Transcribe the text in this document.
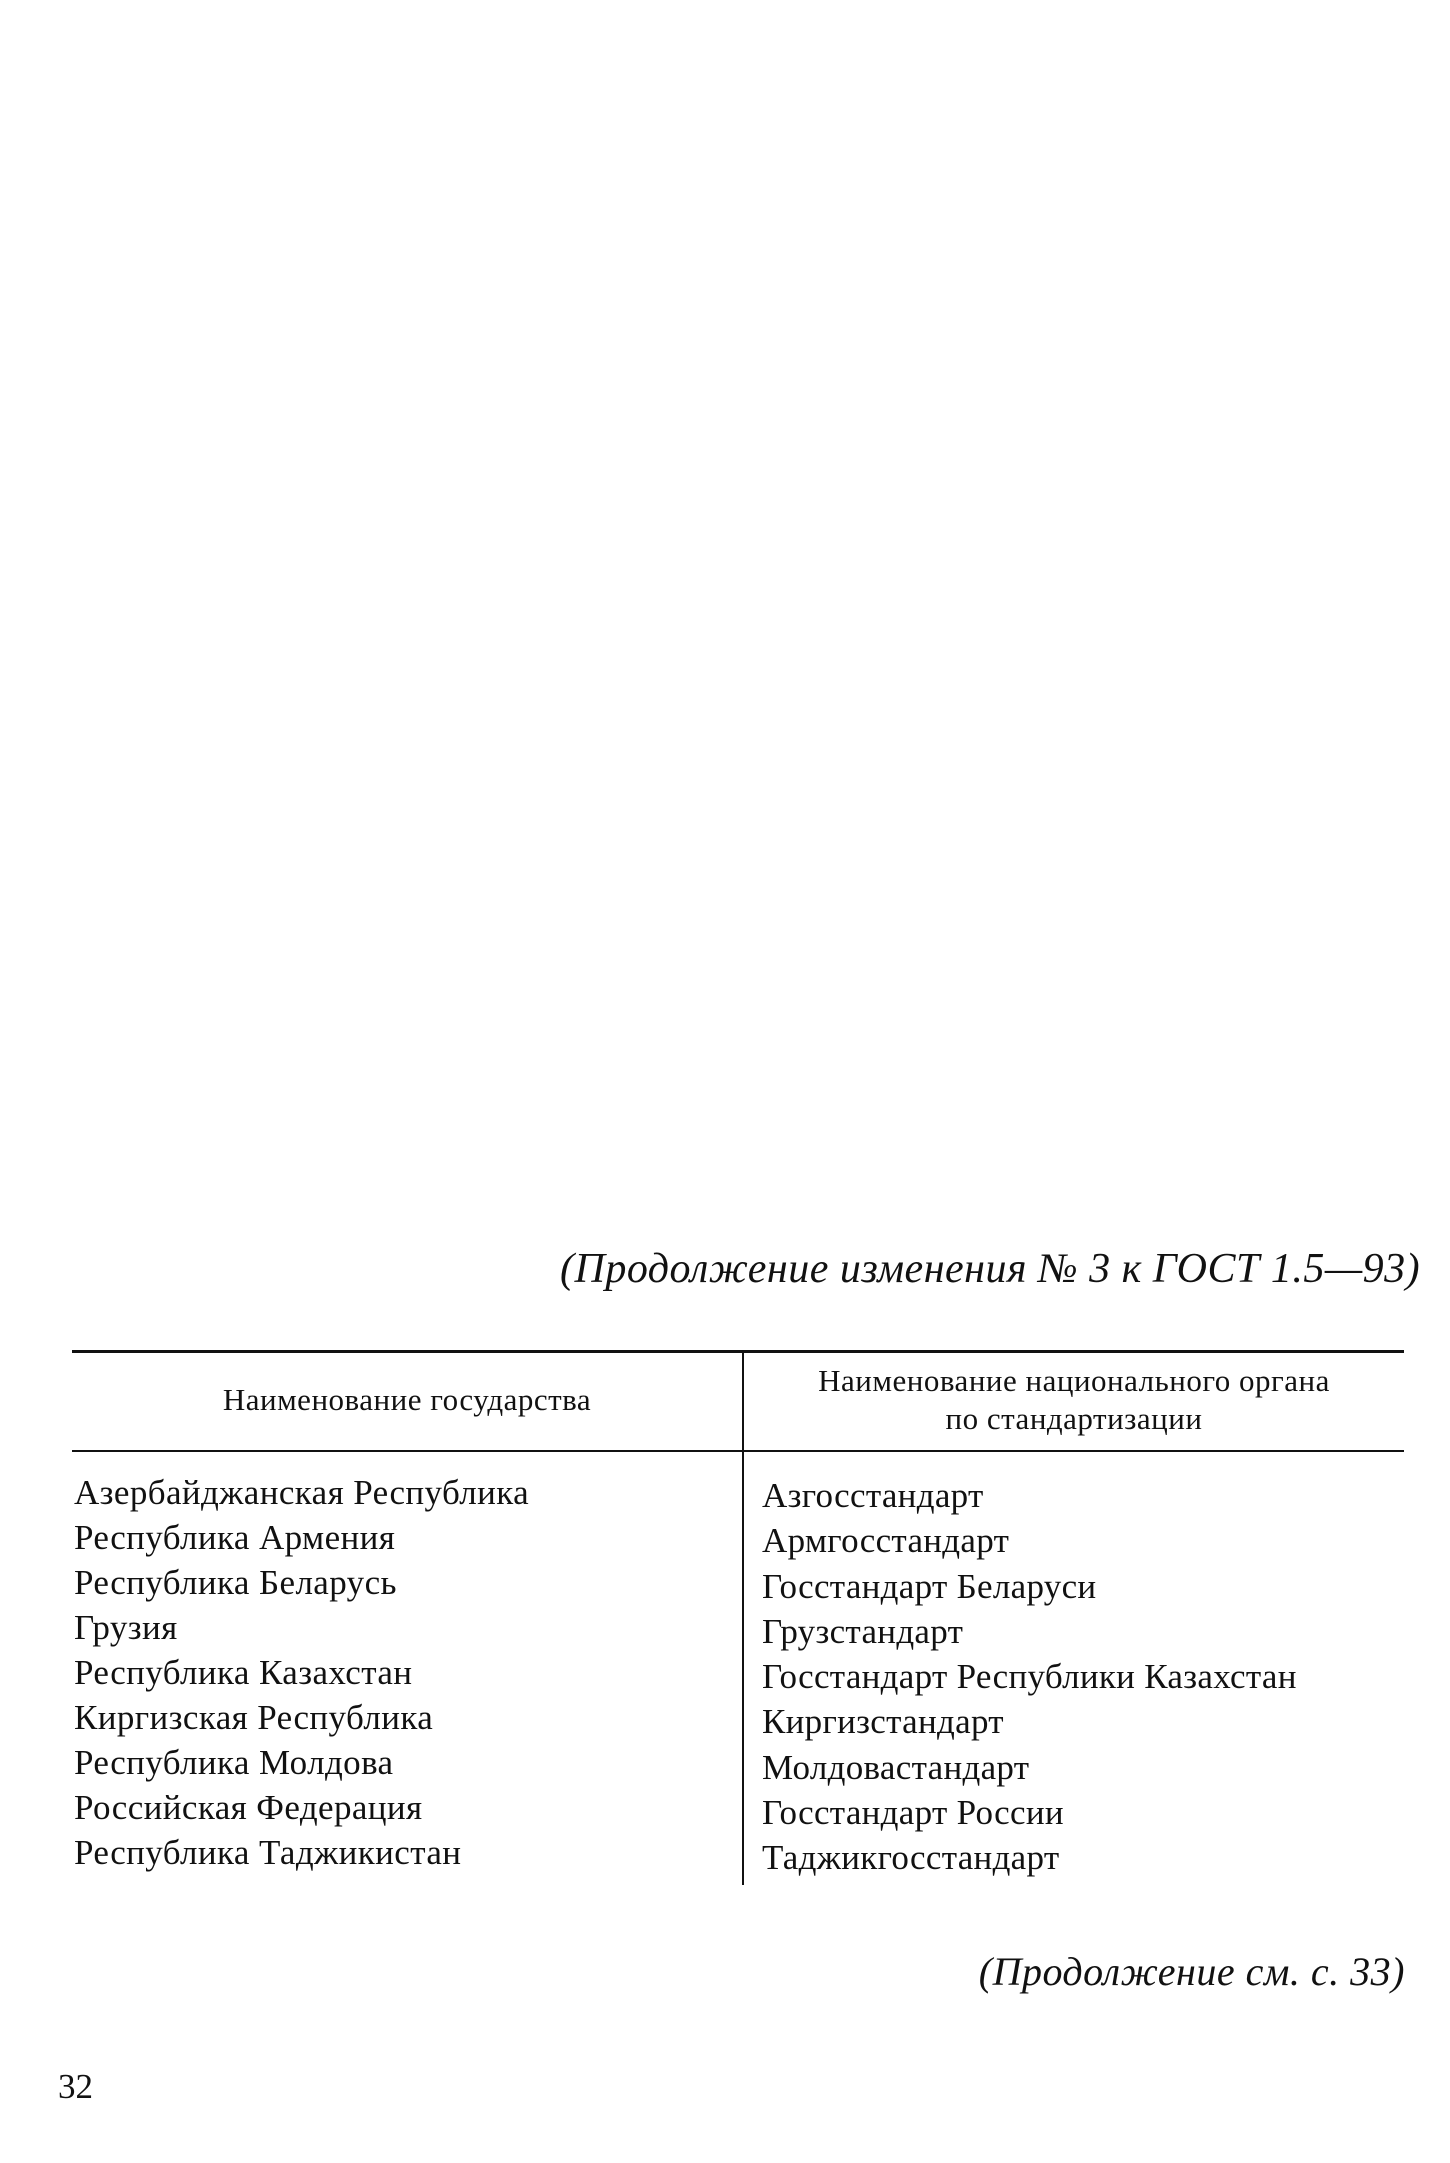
(Продолжение изменения № 3 к ГОСТ 1.5—93)
Наименование государства
Наименование национального органа по стандартизации
Азербайджанская Республика
Республика Армения
Республика Беларусь
Грузия
Республика Казахстан
Киргизская Республика
Республика Молдова
Российская Федерация
Республика Таджикистан
Азгосстандарт
Армгосстандарт
Госстандарт Беларуси
Грузстандарт
Госстандарт Республики Казахстан
Киргизстандарт
Молдовастандарт
Госстандарт России
Таджикгосстандарт
(Продолжение см. с. 33)
32
